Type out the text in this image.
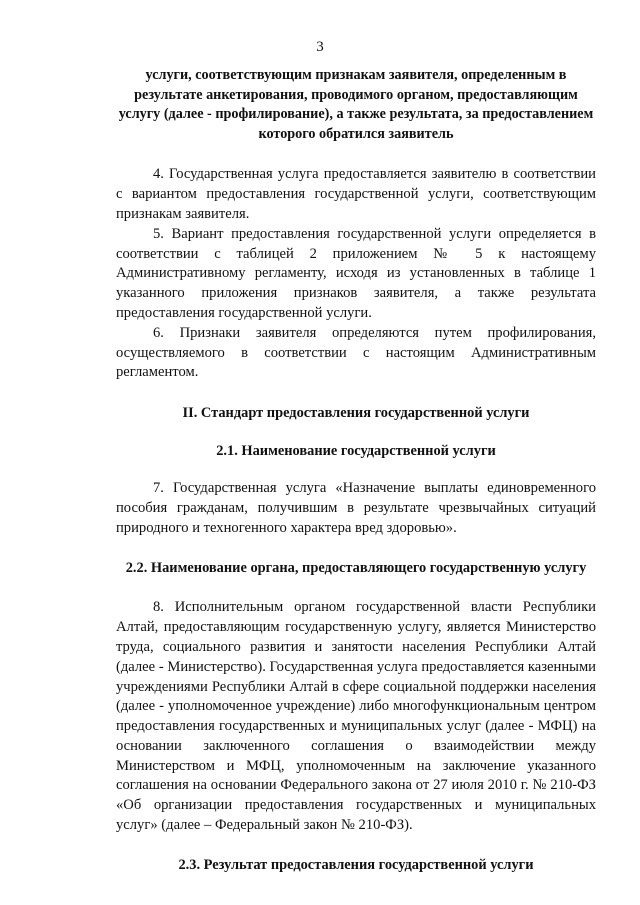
3
услуги, соответствующим признакам заявителя, определенным в результате анкетирования, проводимого органом, предоставляющим услугу (далее - профилирование), а также результата, за предоставлением которого обратился заявитель

4. Государственная услуга предоставляется заявителю в соответствии с вариантом предоставления государственной услуги, соответствующим признакам заявителя.

5. Вариант предоставления государственной услуги определяется в соответствии с таблицей 2 приложением № 5 к настоящему Административному регламенту, исходя из установленных в таблице 1 указанного приложения признаков заявителя, а также результата предоставления государственной услуги.

6. Признаки заявителя определяются путем профилирования, осуществляемого в соответствии с настоящим Административным регламентом.

II. Стандарт предоставления государственной услуги

2.1. Наименование государственной услуги

7. Государственная услуга «Назначение выплаты единовременного пособия гражданам, получившим в результате чрезвычайных ситуаций природного и техногенного характера вред здоровью».

2.2. Наименование органа, предоставляющего государственную услугу

8. Исполнительным органом государственной власти Республики Алтай, предоставляющим государственную услугу, является Министерство труда, социального развития и занятости населения Республики Алтай (далее - Министерство). Государственная услуга предоставляется казенными учреждениями Республики Алтай в сфере социальной поддержки населения (далее - уполномоченное учреждение) либо многофункциональным центром предоставления государственных и муниципальных услуг (далее - МФЦ) на основании заключенного соглашения о взаимодействии между Министерством и МФЦ, уполномоченным на заключение указанного соглашения на основании Федерального закона от 27 июля 2010 г. № 210-ФЗ «Об организации предоставления государственных и муниципальных услуг» (далее – Федеральный закон № 210-ФЗ).

2.3. Результат предоставления государственной услуги
